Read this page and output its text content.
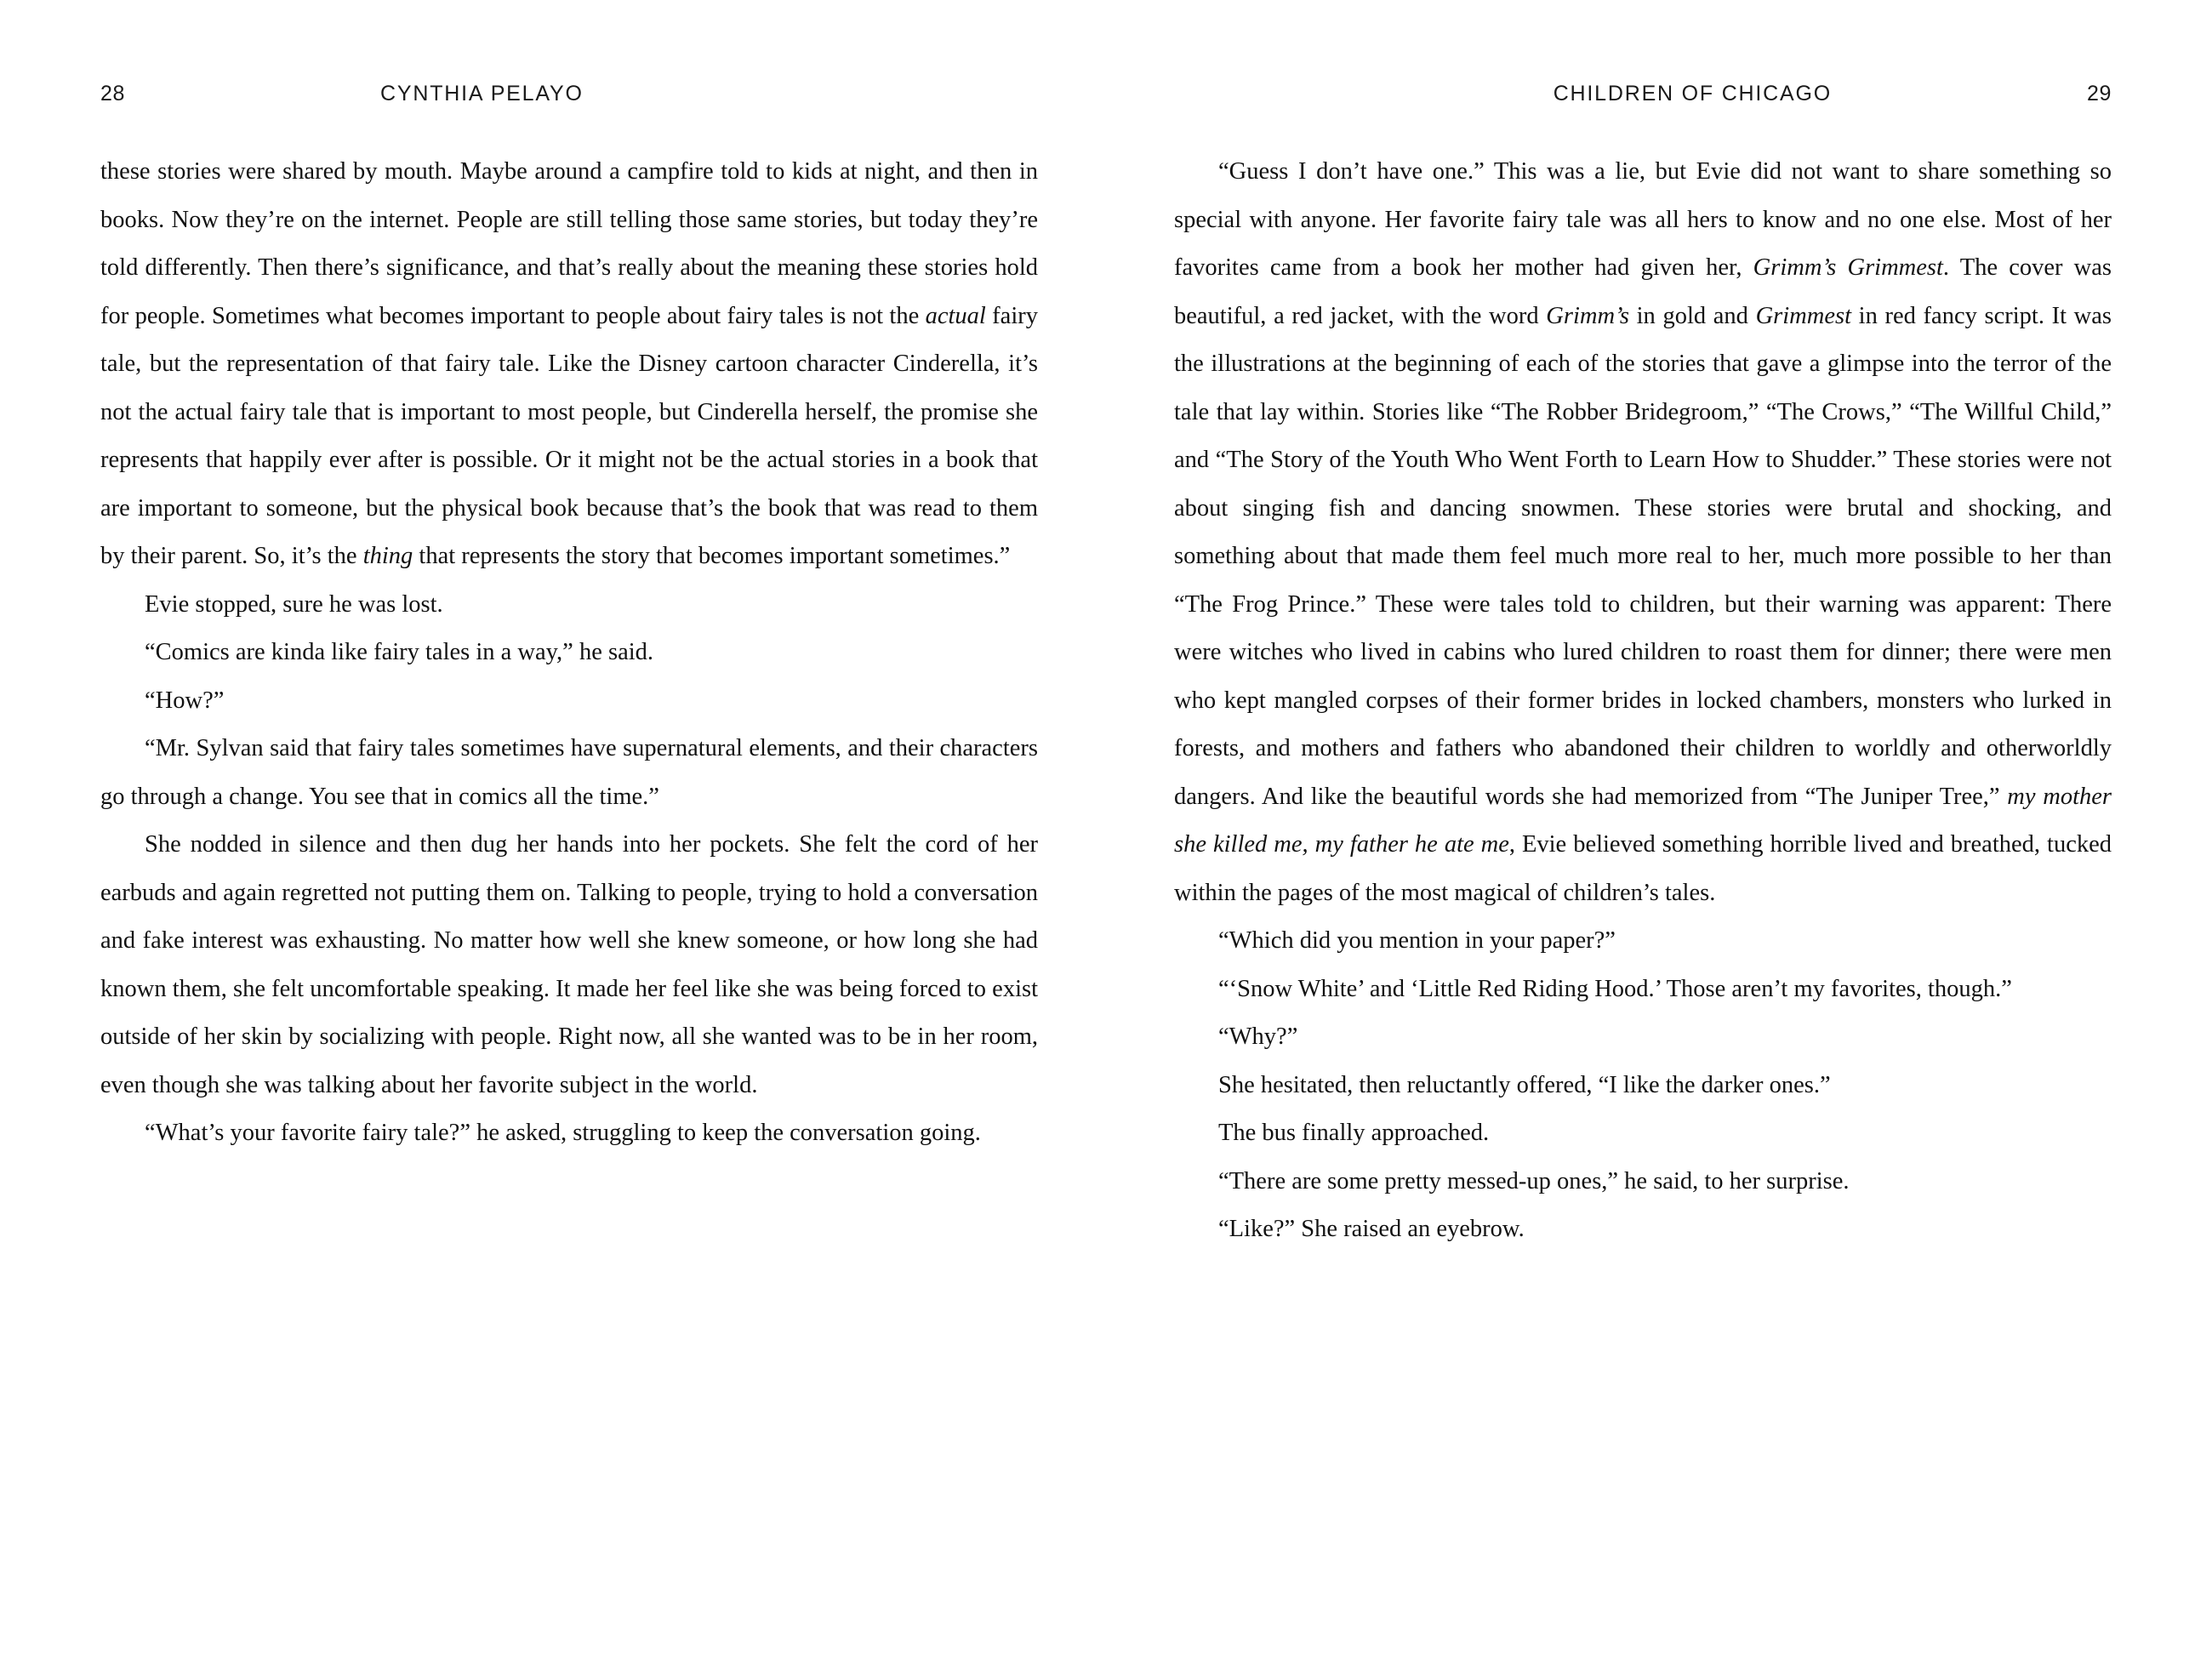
28	CYNTHIA PELAYO

these stories were shared by mouth. Maybe around a campfire told to kids at night, and then in books. Now they’re on the internet. People are still telling those same stories, but today they’re told differently. Then there’s significance, and that’s really about the meaning these stories hold for people. Sometimes what becomes important to people about fairy tales is not the actual fairy tale, but the representation of that fairy tale. Like the Disney cartoon character Cinderella, it’s not the actual fairy tale that is important to most people, but Cinderella herself, the promise she represents that happily ever after is possible. Or it might not be the actual stories in a book that are important to someone, but the physical book because that’s the book that was read to them by their parent. So, it’s the thing that represents the story that becomes important sometimes.”

Evie stopped, sure he was lost.

“Comics are kinda like fairy tales in a way,” he said.

“How?”

“Mr. Sylvan said that fairy tales sometimes have supernatural elements, and their characters go through a change. You see that in comics all the time.”

She nodded in silence and then dug her hands into her pockets. She felt the cord of her earbuds and again regretted not putting them on. Talking to people, trying to hold a conversation and fake interest was exhausting. No matter how well she knew someone, or how long she had known them, she felt uncomfortable speaking. It made her feel like she was being forced to exist outside of her skin by socializing with people. Right now, all she wanted was to be in her room, even though she was talking about her favorite subject in the world.

“What’s your favorite fairy tale?” he asked, struggling to keep the conversation going.

CHILDREN OF CHICAGO	29

“Guess I don’t have one.” This was a lie, but Evie did not want to share something so special with anyone. Her favorite fairy tale was all hers to know and no one else. Most of her favorites came from a book her mother had given her, Grimm’s Grimmest. The cover was beautiful, a red jacket, with the word Grimm’s in gold and Grimmest in red fancy script. It was the illustrations at the beginning of each of the stories that gave a glimpse into the terror of the tale that lay within. Stories like “The Robber Bridegroom,” “The Crows,” “The Willful Child,” and “The Story of the Youth Who Went Forth to Learn How to Shudder.” These stories were not about singing fish and dancing snowmen. These stories were brutal and shocking, and something about that made them feel much more real to her, much more possible to her than “The Frog Prince.” These were tales told to children, but their warning was apparent: There were witches who lived in cabins who lured children to roast them for dinner; there were men who kept mangled corpses of their former brides in locked chambers, monsters who lurked in forests, and mothers and fathers who abandoned their children to worldly and otherworldly dangers. And like the beautiful words she had memorized from “The Juniper Tree,” my mother she killed me, my father he ate me, Evie believed something horrible lived and breathed, tucked within the pages of the most magical of children’s tales.

“Which did you mention in your paper?”

“‘Snow White’ and ‘Little Red Riding Hood.’ Those aren’t my favorites, though.”

“Why?”

She hesitated, then reluctantly offered, “I like the darker ones.”

The bus finally approached.

“There are some pretty messed-up ones,” he said, to her surprise.

“Like?” She raised an eyebrow.
